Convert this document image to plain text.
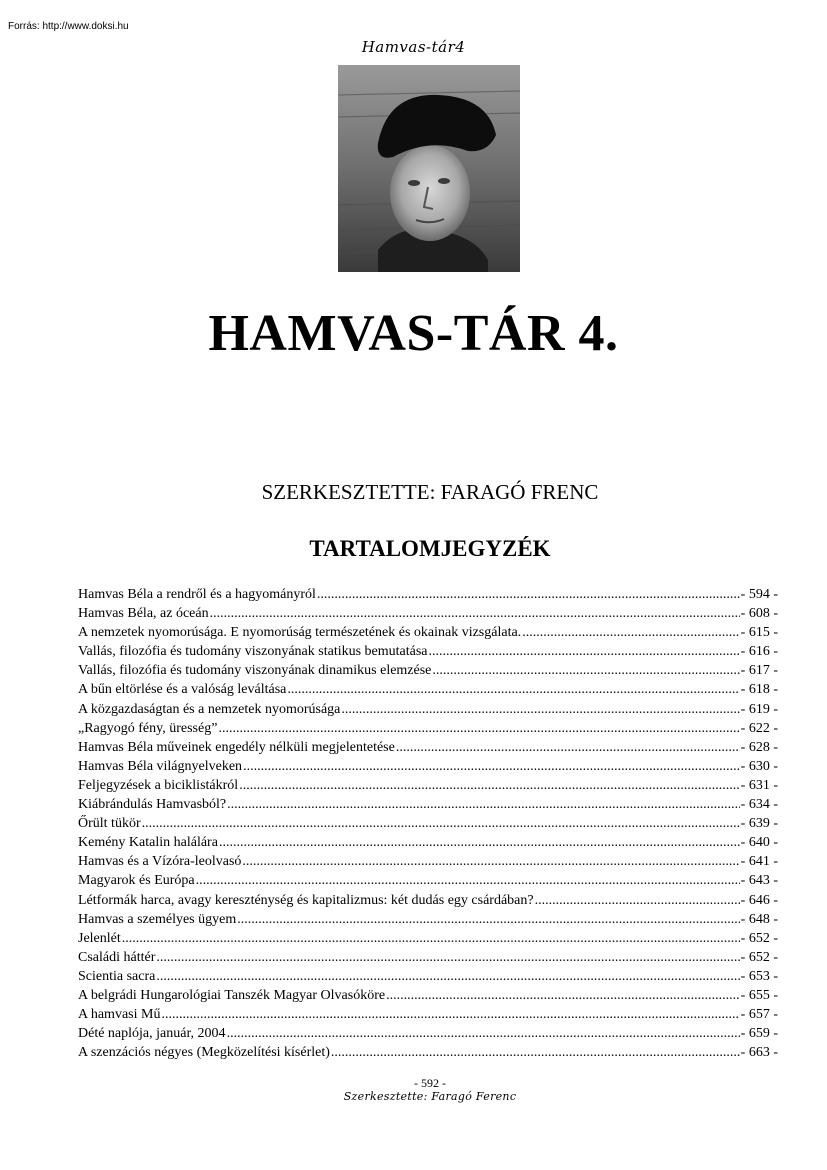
Forrás: http://www.doksi.hu
Hamvas-tár4
HAMVAS-TÁR 4.
SZERKESZTETTE: FARAGÓ FRENC
TARTALOMJEGYZÉK
Hamvas Béla a rendről és a hagyományról .....	- 594 -
Hamvas Béla, az óceán .....	- 608 -
A nemzetek nyomorúsága. E nyomorúság természetének és okainak vizsgálata. .....	- 615 -
Vallás, filozófia és tudomány viszonyának statikus bemutatása .....	- 616 -
Vallás, filozófia és tudomány viszonyának dinamikus elemzése .....	- 617 -
A bűn eltörlése és a valóság leváltása .....	- 618 -
A közgazdaságtan és a nemzetek nyomorúsága .....	- 619 -
„Ragyogó fény, üresség” .....	- 622 -
Hamvas Béla műveinek engedély nélküli megjelentetése .....	- 628 -
Hamvas Béla világnyelveken .....	- 630 -
Feljegyzések a biciklistákról .....	- 631 -
Kiábrándulás Hamvasból? .....	- 634 -
Őrült tükör .....	- 639 -
Kemény Katalin halálára .....	- 640 -
Hamvas és a Vízóra-leolvasó .....	- 641 -
Magyarok és Európa .....	- 643 -
Létformák harca, avagy kereszténység és kapitalizmus: két dudás egy csárdában? .....	- 646 -
Hamvas a személyes ügyem .....	- 648 -
Jelenlét .....	- 652 -
Családi háttér .....	- 652 -
Scientia sacra .....	- 653 -
A belgrádi Hungarológiai Tanszék Magyar Olvasóköre .....	- 655 -
A hamvasi Mű .....	- 657 -
Dété naplója, január, 2004 .....	- 659 -
A szenzációs négyes (Megközelítési kísérlet) .....	- 663 -
- 592 -
Szerkesztette: Faragó Ferenc
